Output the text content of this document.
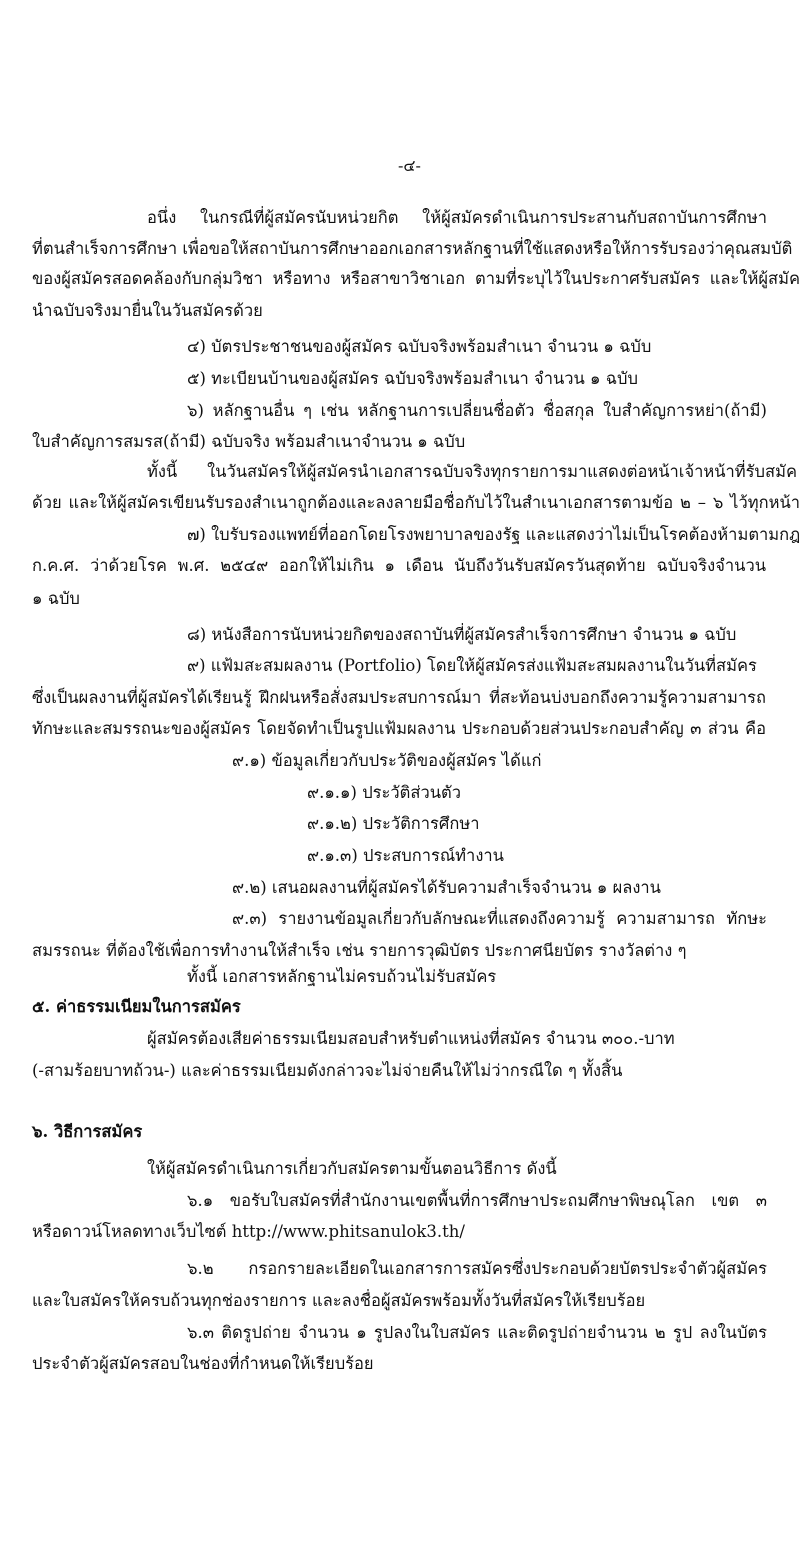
-๔-
อนึ่ง ในกรณีที่ผู้สมัครนับหน่วยกิต ให้ผู้สมัครดำเนินการประสานกับสถาบันการศึกษา
ที่ตนสำเร็จการศึกษา เพื่อขอให้สถาบันการศึกษาออกเอกสารหลักฐานที่ใช้แสดงหรือให้การรับรองว่าคุณสมบัติ
ของผู้สมัครสอดคล้องกับกลุ่มวิชา หรือทาง หรือสาขาวิชาเอก ตามที่ระบุไว้ในประกาศรับสมัคร และให้ผู้สมัค
นำฉบับจริงมายื่นในวันสมัครด้วย
๔) บัตรประชาชนของผู้สมัคร ฉบับจริงพร้อมสำเนา จำนวน ๑ ฉบับ
๕) ทะเบียนบ้านของผู้สมัคร ฉบับจริงพร้อมสำเนา จำนวน ๑ ฉบับ
๖) หลักฐานอื่น ๆ เช่น หลักฐานการเปลี่ยนชื่อตัว ชื่อสกุล ใบสำคัญการหย่า(ถ้ามี)
ใบสำคัญการสมรส(ถ้ามี) ฉบับจริง พร้อมสำเนาจำนวน ๑ ฉบับ
ทั้งนี้ ในวันสมัครให้ผู้สมัครนำเอกสารฉบับจริงทุกรายการมาแสดงต่อหน้าเจ้าหน้าที่รับสมัค
ด้วย และให้ผู้สมัครเขียนรับรองสำเนาถูกต้องและลงลายมือชื่อกับไว้ในสำเนาเอกสารตามข้อ ๒ – ๖ ไว้ทุกหน้า
๗) ใบรับรองแพทย์ที่ออกโดยโรงพยาบาลของรัฐ และแสดงว่าไม่เป็นโรคต้องห้ามตามกฎ
ก.ค.ศ. ว่าด้วยโรค พ.ศ. ๒๕๔๙ ออกให้ไม่เกิน ๑ เดือน นับถึงวันรับสมัครวันสุดท้าย ฉบับจริงจำนวน
๑ ฉบับ
๘) หนังสือการนับหน่วยกิตของสถาบันที่ผู้สมัครสำเร็จการศึกษา จำนวน ๑ ฉบับ
๙) แฟ้มสะสมผลงาน (Portfolio) โดยให้ผู้สมัครส่งแฟ้มสะสมผลงานในวันที่สมัคร
ซึ่งเป็นผลงานที่ผู้สมัครได้เรียนรู้ ฝึกฝนหรือสั่งสมประสบการณ์มา ที่สะท้อนบ่งบอกถึงความรู้ความสามารถ
ทักษะและสมรรถนะของผู้สมัคร โดยจัดทำเป็นรูปแฟ้มผลงาน ประกอบด้วยส่วนประกอบสำคัญ ๓ ส่วน คือ
๙.๑) ข้อมูลเกี่ยวกับประวัติของผู้สมัคร ได้แก่
๙.๑.๑) ประวัติส่วนตัว
๙.๑.๒) ประวัติการศึกษา
๙.๑.๓) ประสบการณ์ทำงาน
๙.๒) เสนอผลงานที่ผู้สมัครได้รับความสำเร็จจำนวน ๑ ผลงาน
๙.๓) รายงานข้อมูลเกี่ยวกับลักษณะที่แสดงถึงความรู้ ความสามารถ ทักษะ
สมรรถนะ ที่ต้องใช้เพื่อการทำงานให้สำเร็จ เช่น รายการวุฒิบัตร ประกาศนียบัตร รางวัลต่าง ๆ
ทั้งนี้ เอกสารหลักฐานไม่ครบถ้วนไม่รับสมัคร
๕. ค่าธรรมเนียมในการสมัคร
ผู้สมัครต้องเสียค่าธรรมเนียมสอบสำหรับตำแหน่งที่สมัคร จำนวน ๓๐๐.-บาท
(-สามร้อยบาทถ้วน-) และค่าธรรมเนียมดังกล่าวจะไม่จ่ายคืนให้ไม่ว่ากรณีใด ๆ ทั้งสิ้น
๖. วิธีการสมัคร
ให้ผู้สมัครดำเนินการเกี่ยวกับสมัครตามขั้นตอนวิธีการ ดังนี้
๖.๑ ขอรับใบสมัครที่สำนักงานเขตพื้นที่การศึกษาประถมศึกษาพิษณุโลก เขต ๓
หรือดาวน์โหลดทางเว็บไซต์ http://www.phitsanulok3.th/
๖.๒ กรอกรายละเอียดในเอกสารการสมัครซึ่งประกอบด้วยบัตรประจำตัวผู้สมัคร
และใบสมัครให้ครบถ้วนทุกช่องรายการ และลงชื่อผู้สมัครพร้อมทั้งวันที่สมัครให้เรียบร้อย
๖.๓ ติดรูปถ่าย จำนวน ๑ รูปลงในใบสมัคร และติดรูปถ่ายจำนวน ๒ รูป ลงในบัตร
ประจำตัวผู้สมัครสอบในช่องที่กำหนดให้เรียบร้อย
